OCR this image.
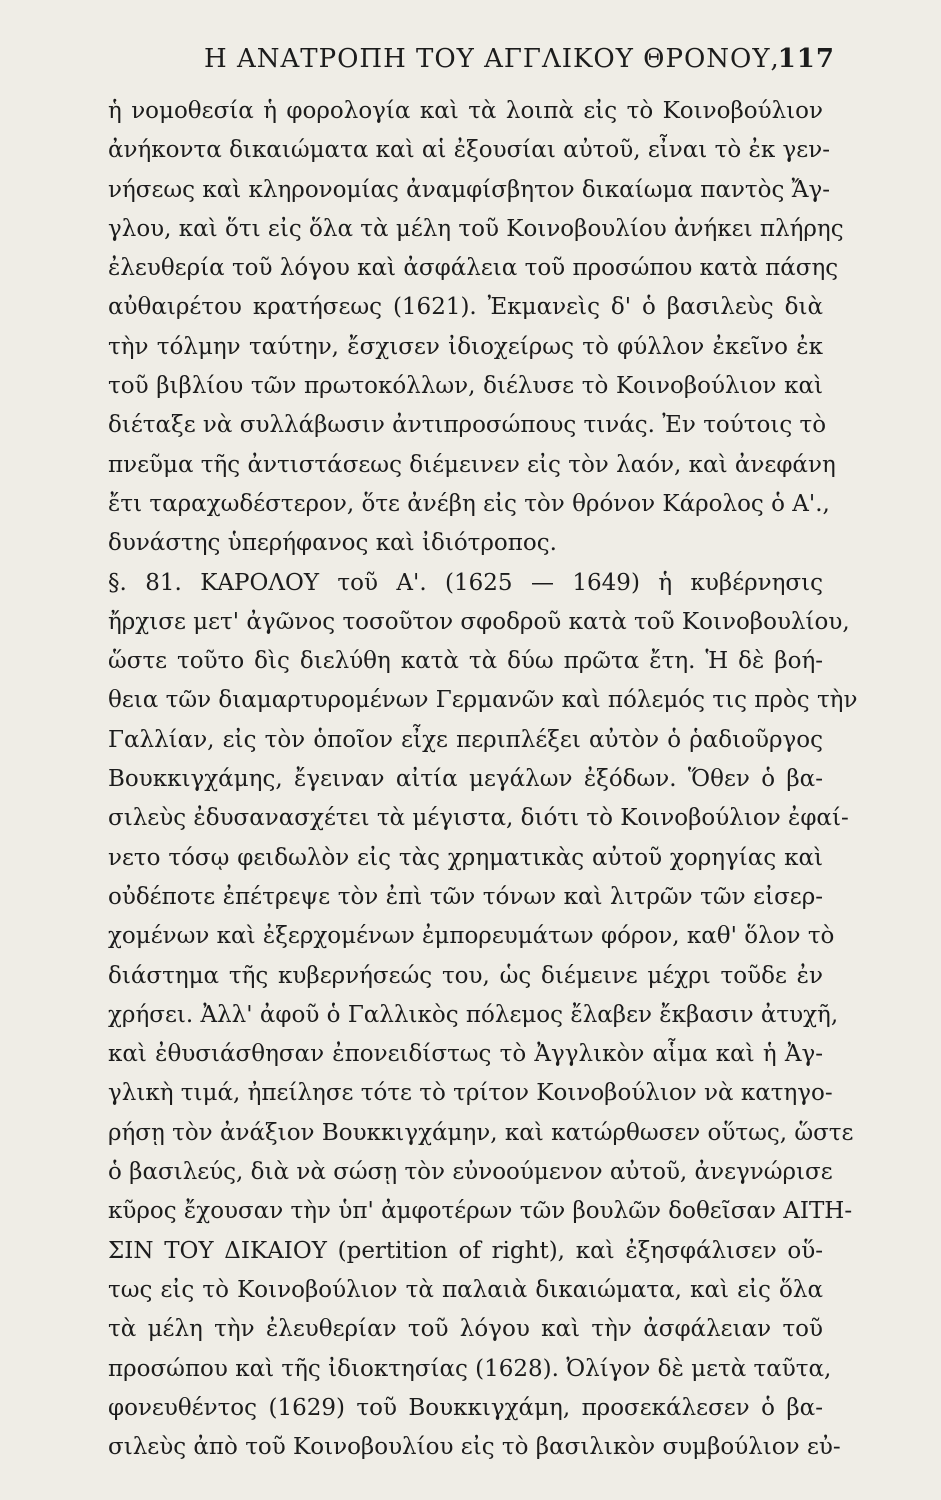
Η ΑΝΑΤΡΟΠΗ ΤΟΥ ΑΓΓΛΙΚΟΥ ΘΡΟΝΟΥ,
117
ἡ νομοθεσία ἡ φορολογία καὶ τὰ λοιπὰ εἰς τὸ Κοινοβούλιον
ἀνήκοντα δικαιώματα καὶ αἱ ἐξουσίαι αὐτοῦ, εἶναι τὸ ἐκ γεν-
νήσεως καὶ κληρονομίας ἀναμφίσβητον δικαίωμα παντὸς Ἄγ-
γλου, καὶ ὅτι εἰς ὅλα τὰ μέλη τοῦ Κοινοβουλίου ἀνήκει πλήρης
ἐλευθερία τοῦ λόγου καὶ ἀσφάλεια τοῦ προσώπου κατὰ πάσης
αὐθαιρέτου κρατήσεως (1621). Ἐκμανεὶς δ' ὁ βασιλεὺς διὰ
τὴν τόλμην ταύτην, ἔσχισεν ἰδιοχείρως τὸ φύλλον ἐκεῖνο ἐκ
τοῦ βιβλίου τῶν πρωτοκόλλων, διέλυσε τὸ Κοινοβούλιον καὶ
διέταξε νὰ συλλάβωσιν ἀντιπροσώπους τινάς. Ἐν τούτοις τὸ
πνεῦμα τῆς ἀντιστάσεως διέμεινεν εἰς τὸν λαόν, καὶ ἀνεφάνη
ἔτι ταραχωδέστερον, ὅτε ἀνέβη εἰς τὸν θρόνον Κάρολος ὁ Α'.,
δυνάστης ὑπερήφανος καὶ ἰδιότροπος.
§. 81. ΚΑΡΟΛΟΥ τοῦ Α'. (1625 — 1649) ἡ κυβέρνησις
ἤρχισε μετ' ἀγῶνος τοσοῦτον σφοδροῦ κατὰ τοῦ Κοινοβουλίου,
ὥστε τοῦτο δὶς διελύθη κατὰ τὰ δύω πρῶτα ἔτη. Ἡ δὲ βοή-
θεια τῶν διαμαρτυρομένων Γερμανῶν καὶ πόλεμός τις πρὸς τὴν
Γαλλίαν, εἰς τὸν ὁποῖον εἶχε περιπλέξει αὐτὸν ὁ ῥαδιοῦργος
Βουκκιγχάμης, ἔγειναν αἰτία μεγάλων ἐξόδων. Ὅθεν ὁ βα-
σιλεὺς ἐδυσανασχέτει τὰ μέγιστα, διότι τὸ Κοινοβούλιον ἐφαί-
νετο τόσῳ φειδωλὸν εἰς τὰς χρηματικὰς αὐτοῦ χορηγίας καὶ
οὐδέποτε ἐπέτρεψε τὸν ἐπὶ τῶν τόνων καὶ λιτρῶν τῶν εἰσερ-
χομένων καὶ ἐξερχομένων ἐμπορευμάτων φόρον, καθ' ὅλον τὸ
διάστημα τῆς κυβερνήσεώς του, ὡς διέμεινε μέχρι τοῦδε ἐν
χρήσει. Ἀλλ' ἀφοῦ ὁ Γαλλικὸς πόλεμος ἔλαβεν ἔκβασιν ἀτυχῆ,
καὶ ἐθυσιάσθησαν ἐπονειδίστως τὸ Ἀγγλικὸν αἷμα καὶ ἡ Ἀγ-
γλικὴ τιμά, ἠπείλησε τότε τὸ τρίτον Κοινοβούλιον νὰ κατηγο-
ρήσῃ τὸν ἀνάξιον Βουκκιγχάμην, καὶ κατώρθωσεν οὕτως, ὥστε
ὁ βασιλεύς, διὰ νὰ σώσῃ τὸν εὐνοούμενον αὐτοῦ, ἀνεγνώρισε
κῦρος ἔχουσαν τὴν ὑπ' ἀμφοτέρων τῶν βουλῶν δοθεῖσαν ΑΙΤΗ-
ΣΙΝ ΤΟΥ ΔΙΚΑΙΟΥ (pertition of right), καὶ ἐξησφάλισεν οὕ-
τως εἰς τὸ Κοινοβούλιον τὰ παλαιὰ δικαιώματα, καὶ εἰς ὅλα
τὰ μέλη τὴν ἐλευθερίαν τοῦ λόγου καὶ τὴν ἀσφάλειαν τοῦ
προσώπου καὶ τῆς ἰδιοκτησίας (1628). Ὀλίγον δὲ μετὰ ταῦτα,
φονευθέντος (1629) τοῦ Βουκκιγχάμη, προσεκάλεσεν ὁ βα-
σιλεὺς ἀπὸ τοῦ Κοινοβουλίου εἰς τὸ βασιλικὸν συμβούλιον εὐ-
